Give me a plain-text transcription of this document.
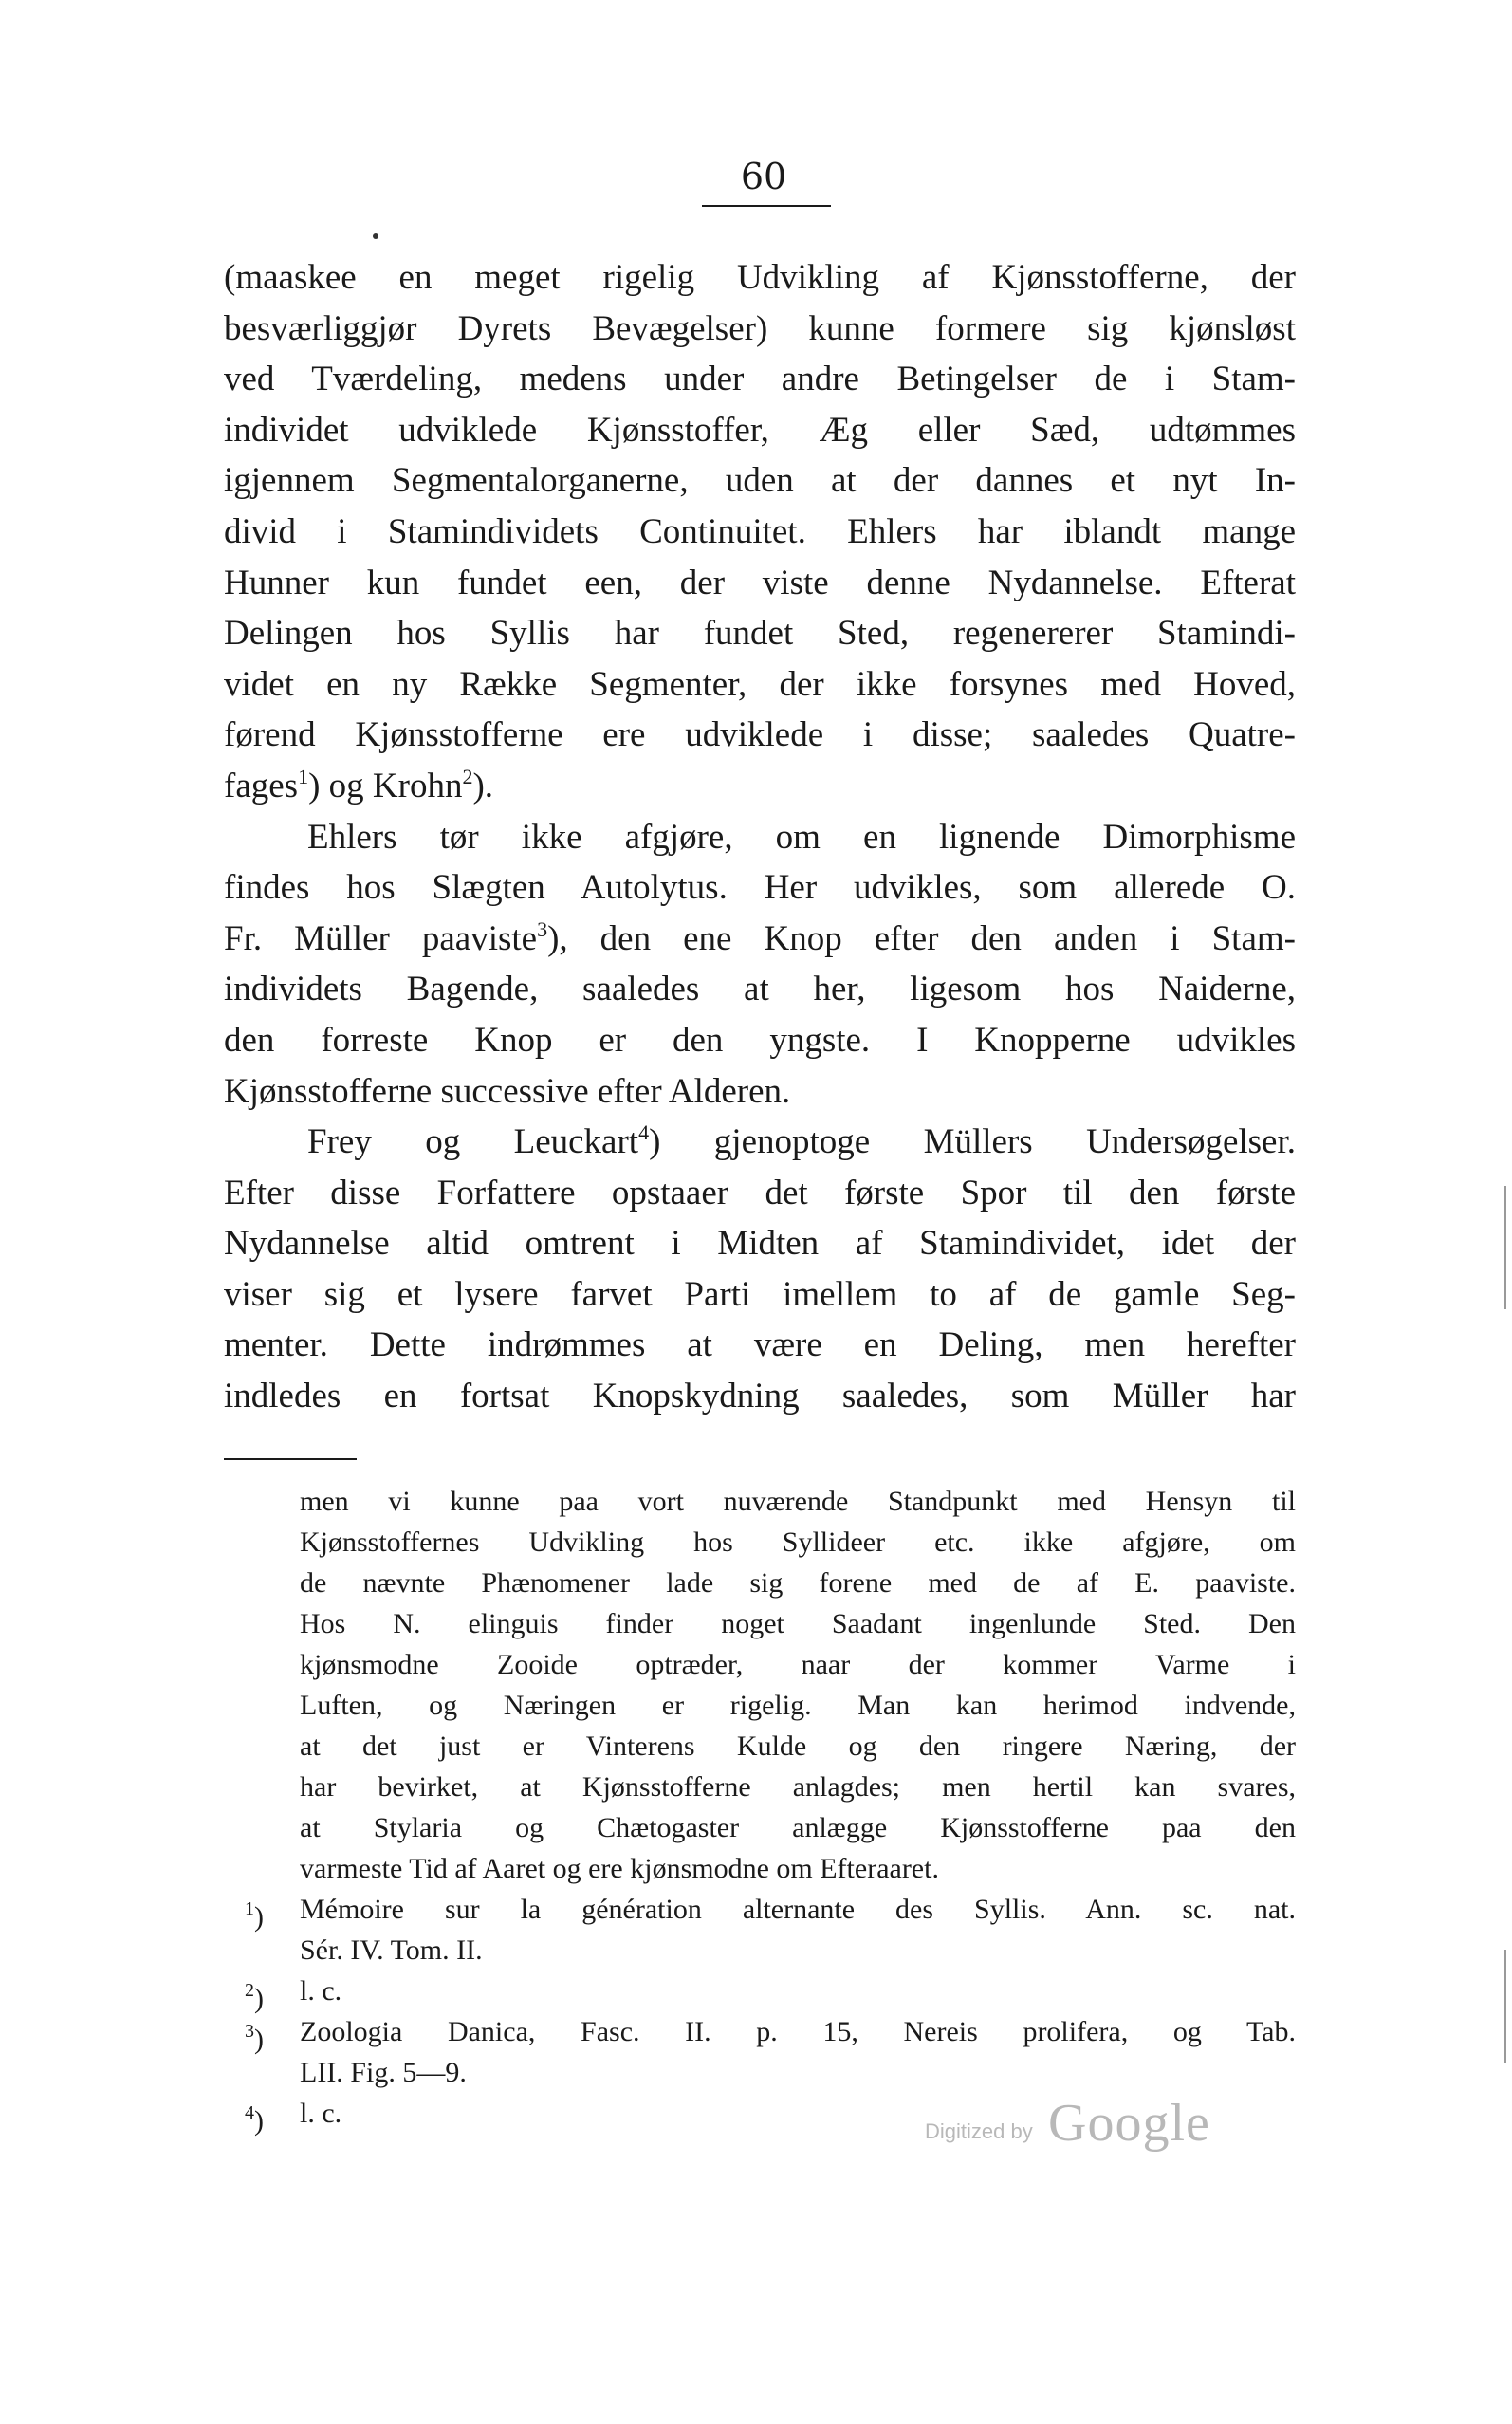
60
(maaskee en meget rigelig Udvikling af Kjønsstofferne, der
besværliggjør Dyrets Bevægelser) kunne formere sig kjønsløst
ved Tværdeling, medens under andre Betingelser de i Stam-
individet udviklede Kjønsstoffer, Æg eller Sæd, udtømmes
igjennem Segmentalorganerne, uden at der dannes et nyt In-
divid i Stamindividets Continuitet. Ehlers har iblandt mange
Hunner kun fundet een, der viste denne Nydannelse. Efterat
Delingen hos Syllis har fundet Sted, regenererer Stamindi-
videt en ny Række Segmenter, der ikke forsynes med Hoved,
førend Kjønsstofferne ere udviklede i disse; saaledes Quatre-
fages$^1$) og Krohn$^2$).
Ehlers tør ikke afgjøre, om en lignende Dimorphisme
findes hos Slægten Autolytus. Her udvikles, som allerede O.
Fr. Müller paaviste$^3$), den ene Knop efter den anden i Stam-
individets Bagende, saaledes at her, ligesom hos Naiderne,
den forreste Knop er den yngste. I Knopperne udvikles
Kjønsstofferne successive efter Alderen.
Frey og Leuckart$^4$) gjenoptoge Müllers Undersøgelser.
Efter disse Forfattere opstaaer det første Spor til den første
Nydannelse altid omtrent i Midten af Stamindividet, idet der
viser sig et lysere farvet Parti imellem to af de gamle Seg-
menter. Dette indrømmes at være en Deling, men herefter
indledes en fortsat Knopskydning saaledes, som Müller har
men vi kunne paa vort nuværende Standpunkt med Hensyn til
Kjønsstoffernes Udvikling hos Syllideer etc. ikke afgjøre, om
de nævnte Phænomener lade sig forene med de af E. paaviste.
Hos N. elinguis finder noget Saadant ingenlunde Sted. Den
kjønsmodne Zooide optræder, naar der kommer Varme i
Luften, og Næringen er rigelig. Man kan herimod indvende,
at det just er Vinterens Kulde og den ringere Næring, der
har bevirket, at Kjønsstofferne anlagdes; men hertil kan svares,
at Stylaria og Chætogaster anlægge Kjønsstofferne paa den
varmeste Tid af Aaret og ere kjønsmodne om Efteraaret.
$^1$)	Mémoire sur la génération alternante des Syllis. Ann. sc. nat.
Sér. IV. Tom. II.
$^2$)	l. c.
$^3$)	Zoologia Danica, Fasc. II. p. 15, Nereis prolifera, og Tab.
LII. Fig. 5—9.
$^4$)	l. c.
Digitized by Google
